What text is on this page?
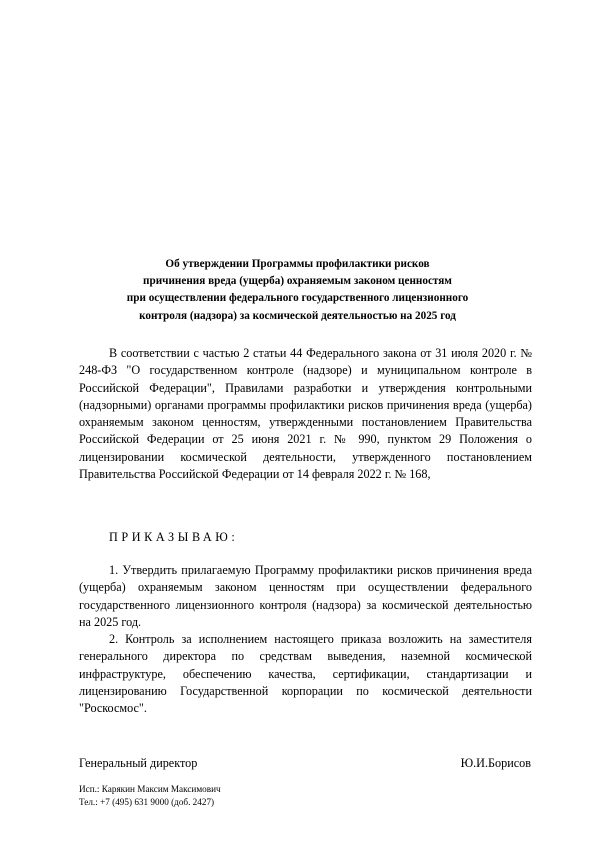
Об утверждении Программы профилактики рисков
причинения вреда (ущерба) охраняемым законом ценностям
при осуществлении федерального государственного лицензионного
контроля (надзора) за космической деятельностью на 2025 год

В соответствии с частью 2 статьи 44 Федерального закона от 31 июля 2020 г. № 248-ФЗ "О государственном контроле (надзоре) и муниципальном контроле в Российской Федерации", Правилами разработки и утверждения контрольными (надзорными) органами программы профилактики рисков причинения вреда (ущерба) охраняемым законом ценностям, утвержденными постановлением Правительства Российской Федерации от 25 июня 2021 г. № 990, пунктом 29 Положения о лицензировании космической деятельности, утвержденного постановлением Правительства Российской Федерации от 14 февраля 2022 г. № 168,

ПРИКАЗЫВАЮ:

1. Утвердить прилагаемую Программу профилактики рисков причинения вреда (ущерба) охраняемым законом ценностям при осуществлении федерального государственного лицензионного контроля (надзора) за космической деятельностью на 2025 год.

2. Контроль за исполнением настоящего приказа возложить на заместителя генерального директора по средствам выведения, наземной космической инфраструктуре, обеспечению качества, сертификации, стандартизации и лицензированию Государственной корпорации по космической деятельности "Роскосмос".

Генеральный директор	Ю.И.Борисов
Исп.: Карякин Максим Максимович
Тел.: +7 (495) 631 9000 (доб. 2427)
